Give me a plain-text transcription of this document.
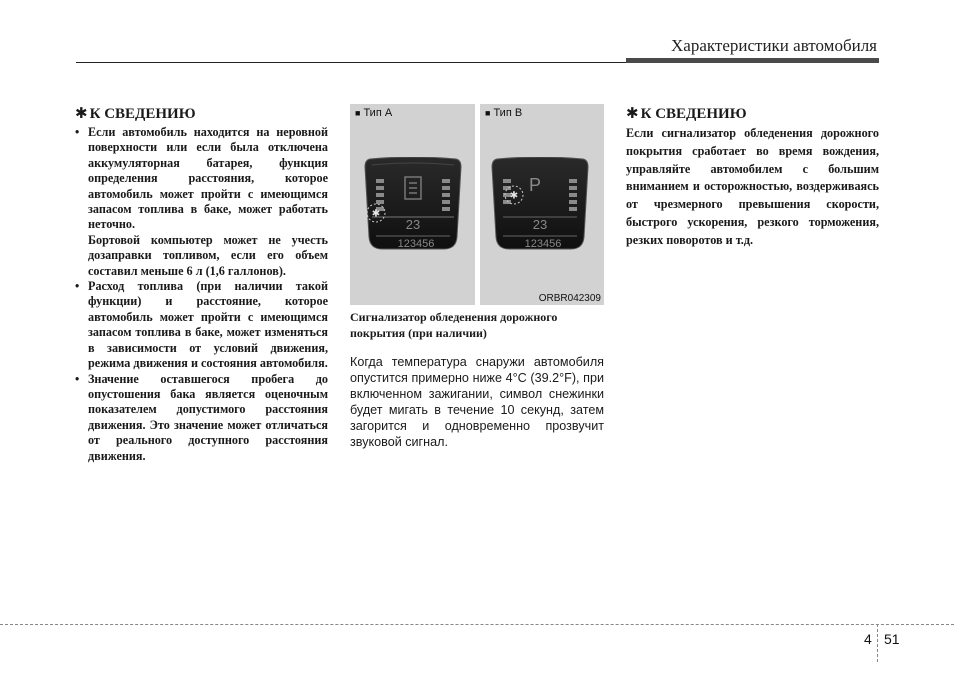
Характеристики автомобиля
✱ К СВЕДЕНИЮ

• Если автомобиль находится на неровной поверхности или если была отключена аккумуляторная батарея, функция определения расстояния, которое автомобиль может пройти с имеющимся запасом топлива в баке, может работать неточно.

Бортовой компьютер может не учесть дозаправки топливом, если его объем составил меньше 6 л (1,6 галлонов).

• Расход топлива (при наличии такой функции) и расстояние, которое автомобиль может пройти с имеющимся запасом топлива в баке, может изменяться в зависимости от условий движения, режима движения и состояния автомобиля.

• Значение оставшегося пробега до опустошения бака является оценочным показателем допустимого расстояния движения. Это значение может отличаться от реального доступного расстояния движения.

■ Тип A
✱
23
123456
■ Тип B
P
✱
23
123456
ORBR042309
Сигнализатор обледенения дорожного покрытия (при наличии)

Когда температура снаружи автомобиля опустится примерно ниже 4°C (39.2°F), при включенном зажигании, символ снежинки будет мигать в течение 10 секунд, затем загорится и одновременно прозвучит звуковой сигнал.

✱ К СВЕДЕНИЮ

Если сигнализатор обледенения дорожного покрытия сработает во время вождения, управляйте автомобилем с большим вниманием и осторожностью, воздерживаясь от чрезмерного превышения скорости, быстрого ускорения, резкого торможения, резких поворотов и т.д.

4 51
